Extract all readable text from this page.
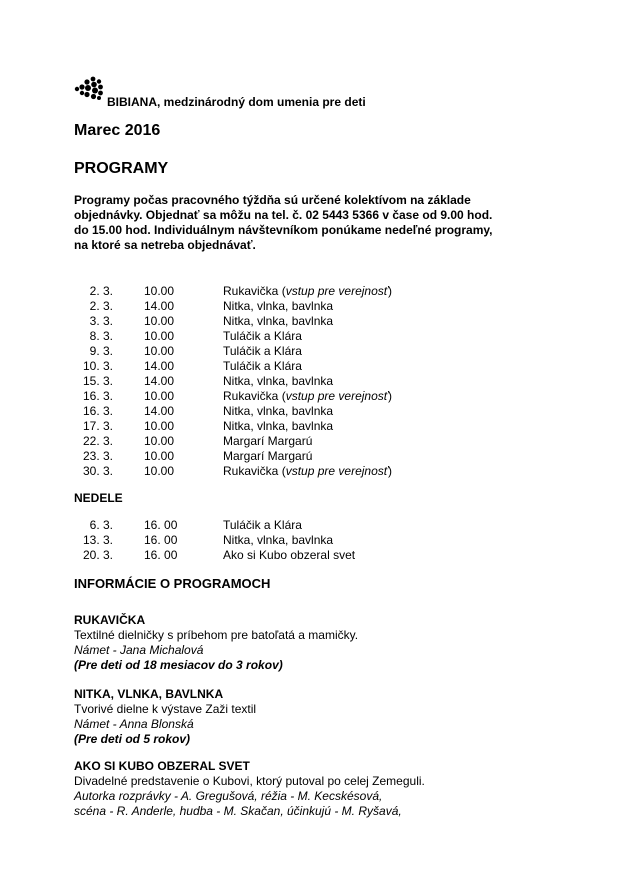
BIBIANA, medzinárodný dom umenia pre deti
Marec 2016
PROGRAMY
Programy počas pracovného týždňa sú určené kolektívom na základe
objednávky. Objednať sa môžu na tel. č. 02 5443 5366 v čase od 9.00 hod.
do 15.00 hod. Individuálnym návštevníkom ponúkame nedeľné programy,
na ktoré sa netreba objednávať.
2. 3.	10.00	Rukavička (vstup pre verejnosť)
2. 3.	14.00	Nitka, vlnka, bavlnka
3. 3.	10.00	Nitka, vlnka, bavlnka
8. 3.	10.00	Tuláčik a Klára
9. 3.	10.00	Tuláčik a Klára
10. 3.	14.00	Tuláčik a Klára
15. 3.	14.00	Nitka, vlnka, bavlnka
16. 3.	10.00	Rukavička (vstup pre verejnosť)
16. 3.	14.00	Nitka, vlnka, bavlnka
17. 3.	10.00	Nitka, vlnka, bavlnka
22. 3.	10.00	Margarí Margarú
23. 3.	10.00	Margarí Margarú
30. 3.	10.00	Rukavička (vstup pre verejnosť)
NEDELE
6. 3.	16. 00	Tuláčik a Klára
13. 3.	16. 00	Nitka, vlnka, bavlnka
20. 3.	16. 00	Ako si Kubo obzeral svet
INFORMÁCIE O PROGRAMOCH
RUKAVIČKA
Textilné dielničky s príbehom pre batoľatá a mamičky.
Námet - Jana Michalová
(Pre deti od 18 mesiacov do 3 rokov)
NITKA, VLNKA, BAVLNKA
Tvorivé dielne k výstave Zaži textil
Námet - Anna Blonská
(Pre deti od 5 rokov)
AKO SI KUBO OBZERAL SVET
Divadelné predstavenie o Kubovi, ktorý putoval po celej Zemeguli.
Autorka rozprávky - A. Gregušová, réžia - M. Kecskésová,
scéna - R. Anderle, hudba - M. Skačan, účinkujú - M. Ryšavá,
